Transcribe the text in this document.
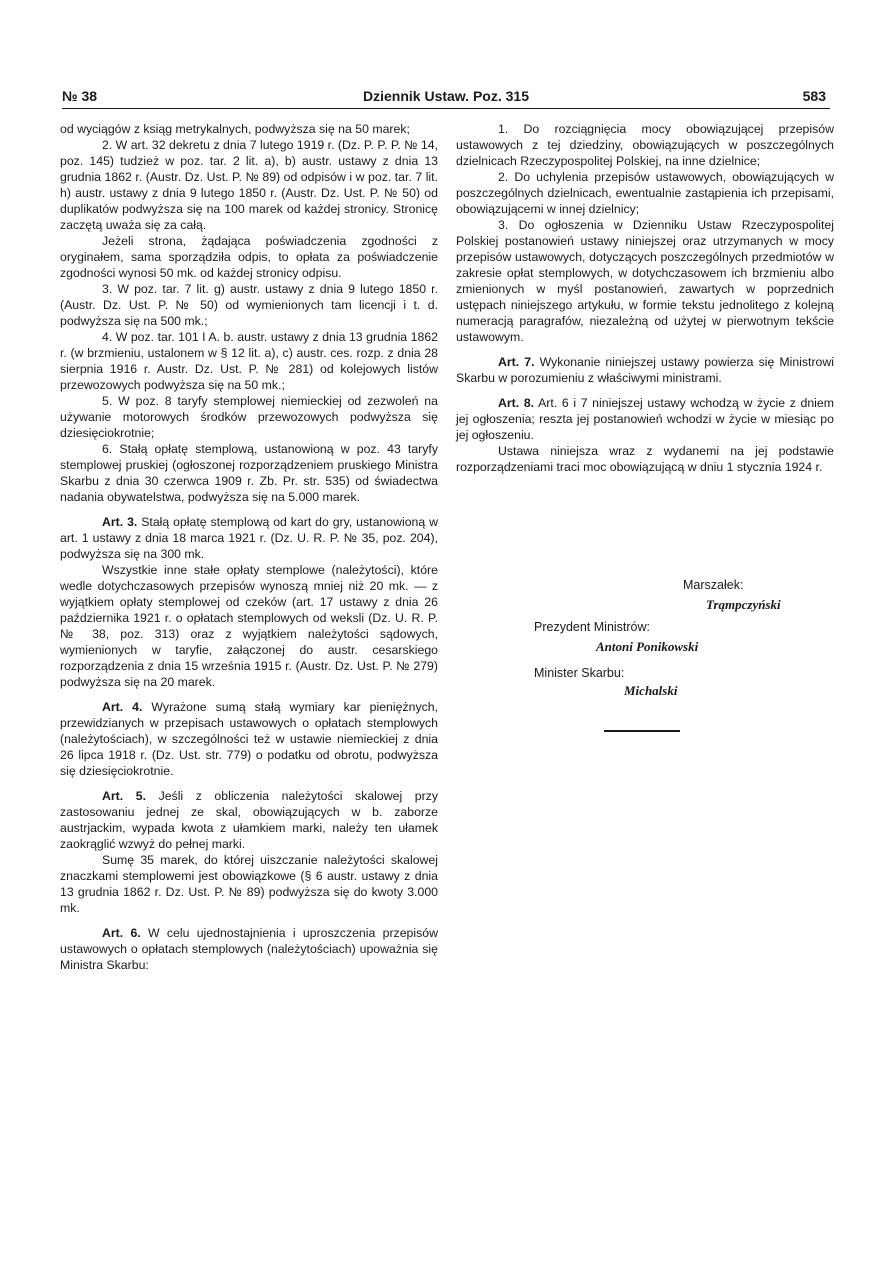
№ 38	Dziennik Ustaw. Poz. 315	583

od wyciągów z ksiąg metrykalnych, podwyższa się na 50 marek;

2. W art. 32 dekretu z dnia 7 lutego 1919 r. (Dz. P. P. P. № 14, poz. 145) tudzież w poz. tar. 2 lit. a), b) austr. ustawy z dnia 13 grudnia 1862 r. (Austr. Dz. Ust. P. № 89) od odpisów i w poz. tar. 7 lit. h) austr. ustawy z dnia 9 lutego 1850 r. (Austr. Dz. Ust. P. № 50) od duplikatów podwyższa się na 100 marek od każdej stronicy. Stronicę zaczętą uważa się za całą.

Jeżeli strona, żądająca poświadczenia zgodności z oryginałem, sama sporządziła odpis, to opłata za poświadczenie zgodności wynosi 50 mk. od każdej stronicy odpisu.

3. W poz. tar. 7 lit. g) austr. ustawy z dnia 9 lutego 1850 r. (Austr. Dz. Ust. P. № 50) od wymienionych tam licencji i t. d. podwyższa się na 500 mk.;

4. W poz. tar. 101 I A. b. austr. ustawy z dnia 13 grudnia 1862 r. (w brzmieniu, ustalonem w § 12 lit. a), c) austr. ces. rozp. z dnia 28 sierpnia 1916 r. Austr. Dz. Ust. P. № 281) od kolejowych listów przewozowych podwyższa się na 50 mk.;

5. W poz. 8 taryfy stemplowej niemieckiej od zezwoleń na używanie motorowych środków przewozowych podwyższa się dziesięciokrotnie;

6. Stałą opłatę stemplową, ustanowioną w poz. 43 taryfy stemplowej pruskiej (ogłoszonej rozporządzeniem pruskiego Ministra Skarbu z dnia 30 czerwca 1909 r. Zb. Pr. str. 535) od świadectwa nadania obywatelstwa, podwyższa się na 5.000 marek.

Art. 3. Stałą opłatę stemplową od kart do gry, ustanowioną w art. 1 ustawy z dnia 18 marca 1921 r. (Dz. U. R. P. № 35, poz. 204), podwyższa się na 300 mk.

Wszystkie inne stałe opłaty stemplowe (należytości), które wedle dotychczasowych przepisów wynoszą mniej niż 20 mk. — z wyjątkiem opłaty stemplowej od czeków (art. 17 ustawy z dnia 26 października 1921 r. o opłatach stemplowych od weksli (Dz. U. R. P. № 38, poz. 313) oraz z wyjątkiem należytości sądowych, wymienionych w taryfie, załączonej do austr. cesarskiego rozporządzenia z dnia 15 września 1915 r. (Austr. Dz. Ust. P. № 279) podwyższa się na 20 marek.

Art. 4. Wyrażone sumą stałą wymiary kar pieniężnych, przewidzianych w przepisach ustawowych o opłatach stemplowych (należytościach), w szczególności też w ustawie niemieckiej z dnia 26 lipca 1918 r. (Dz. Ust. str. 779) o podatku od obrotu, podwyższa się dziesięciokrotnie.

Art. 5. Jeśli z obliczenia należytości skalowej przy zastosowaniu jednej ze skal, obowiązujących w b. zaborze austrjackim, wypada kwota z ułamkiem marki, należy ten ułamek zaokrąglić wzwyż do pełnej marki.

Sumę 35 marek, do której uiszczanie należytości skalowej znaczkami stemplowemi jest obowiązkowe (§ 6 austr. ustawy z dnia 13 grudnia 1862 r. Dz. Ust. P. № 89) podwyższa się do kwoty 3.000 mk.

Art. 6. W celu ujednostajnienia i uproszczenia przepisów ustawowych o opłatach stemplowych (należytościach) upoważnia się Ministra Skarbu:

1. Do rozciągnięcia mocy obowiązującej przepisów ustawowych z tej dziedziny, obowiązujących w poszczególnych dzielnicach Rzeczypospolitej Polskiej, na inne dzielnice;

2. Do uchylenia przepisów ustawowych, obowiązujących w poszczególnych dzielnicach, ewentualnie zastąpienia ich przepisami, obowiązującemi w innej dzielnicy;

3. Do ogłoszenia w Dzienniku Ustaw Rzeczypospolitej Polskiej postanowień ustawy niniejszej oraz utrzymanych w mocy przepisów ustawowych, dotyczących poszczególnych przedmiotów w zakresie opłat stemplowych, w dotychczasowem ich brzmieniu albo zmienionych w myśl postanowień, zawartych w poprzednich ustępach niniejszego artykułu, w formie tekstu jednolitego z kolejną numeracją paragrafów, niezależną od użytej w pierwotnym tekście ustawowym.

Art. 7. Wykonanie niniejszej ustawy powierza się Ministrowi Skarbu w porozumieniu z właściwymi ministrami.

Art. 8. Art. 6 i 7 niniejszej ustawy wchodzą w życie z dniem jej ogłoszenia; reszta jej postanowień wchodzi w życie w miesiąc po jej ogłoszeniu.

Ustawa niniejsza wraz z wydanemi na jej podstawie rozporządzeniami traci moc obowiązującą w dniu 1 stycznia 1924 r.

Marszałek:
Trąmpczyński
Prezydent Ministrów:
Antoni Ponikowski
Minister Skarbu:
Michalski
